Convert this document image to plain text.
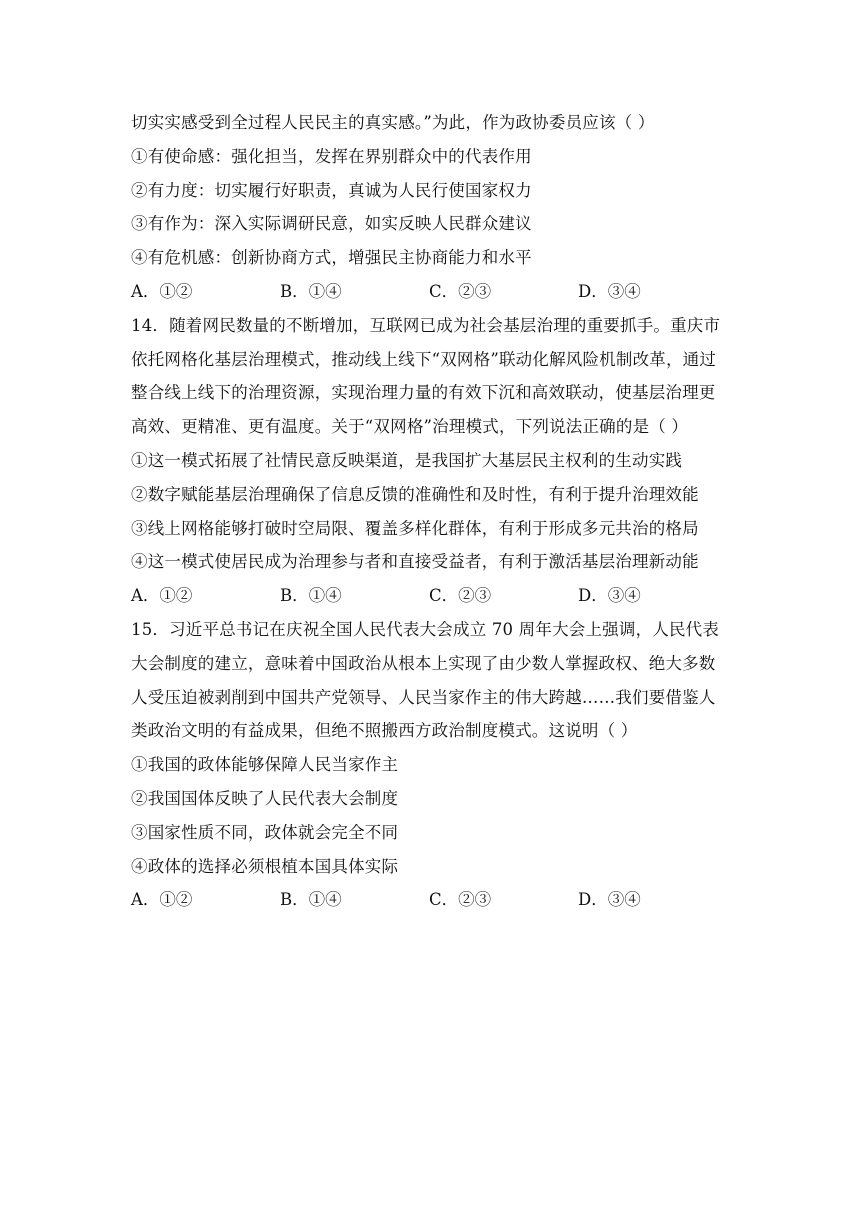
切实实感受到全过程人民民主的真实感。”为此，作为政协委员应该（ ）
①有使命感：强化担当，发挥在界别群众中的代表作用
②有力度：切实履行好职责，真诚为人民行使国家权力
③有作为：深入实际调研民意，如实反映人民群众建议
④有危机感：创新协商方式，增强民主协商能力和水平
A．①②	B．①④	C．②③	D．③④
14．随着网民数量的不断增加，互联网已成为社会基层治理的重要抓手。重庆市
依托网格化基层治理模式，推动线上线下“双网格”联动化解风险机制改革，通过
整合线上线下的治理资源，实现治理力量的有效下沉和高效联动，使基层治理更
高效、更精准、更有温度。关于“双网格”治理模式，下列说法正确的是（ ）
①这一模式拓展了社情民意反映渠道，是我国扩大基层民主权利的生动实践
②数字赋能基层治理确保了信息反馈的准确性和及时性，有利于提升治理效能
③线上网格能够打破时空局限、覆盖多样化群体，有利于形成多元共治的格局
④这一模式使居民成为治理参与者和直接受益者，有利于激活基层治理新动能
A．①②	B．①④	C．②③	D．③④
15．习近平总书记在庆祝全国人民代表大会成立 70 周年大会上强调，人民代表
大会制度的建立，意味着中国政治从根本上实现了由少数人掌握政权、绝大多数
人受压迫被剥削到中国共产党领导、人民当家作主的伟大跨越……我们要借鉴人
类政治文明的有益成果，但绝不照搬西方政治制度模式。这说明（ ）
①我国的政体能够保障人民当家作主
②我国国体反映了人民代表大会制度
③国家性质不同，政体就会完全不同
④政体的选择必须根植本国具体实际
A．①②	B．①④	C．②③	D．③④
